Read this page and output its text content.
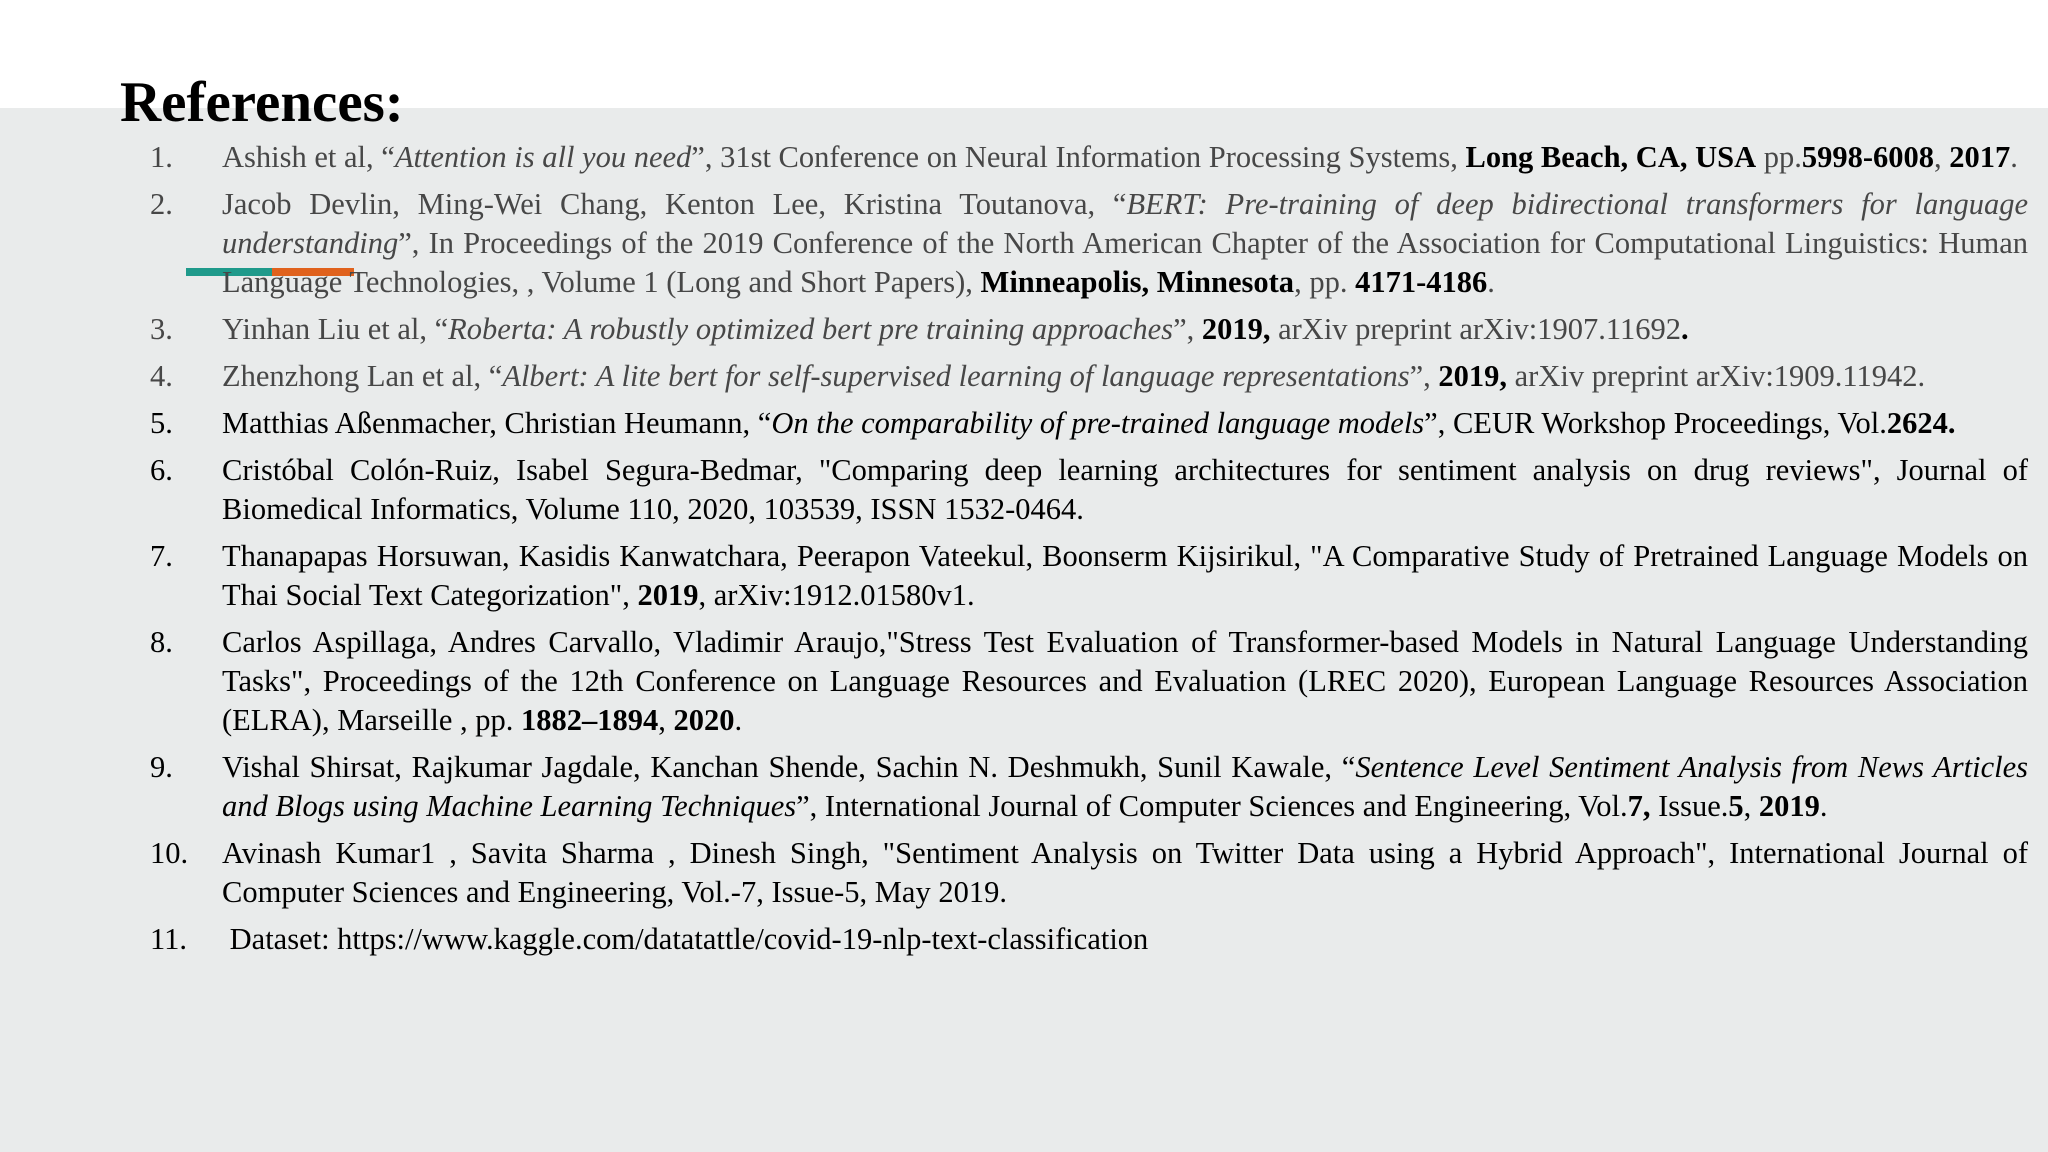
References:
1.	Ashish et al, “Attention is all you need”, 31st Conference on Neural Information Processing Systems, Long Beach, CA, USA pp.5998-6008, 2017.
2.	Jacob Devlin, Ming-Wei Chang, Kenton Lee, Kristina Toutanova, “BERT: Pre-training of deep bidirectional transformers for language understanding”, In Proceedings of the 2019 Conference of the North American Chapter of the Association for Computational Linguistics: Human Language Technologies, , Volume 1 (Long and Short Papers), Minneapolis, Minnesota, pp. 4171-4186.
3.	Yinhan Liu et al, “Roberta: A robustly optimized bert pre training approaches”, 2019, arXiv preprint arXiv:1907.11692.
4.	Zhenzhong Lan et al, “Albert: A lite bert for self-supervised learning of language representations”, 2019, arXiv preprint arXiv:1909.11942.
5.	Matthias Aßenmacher, Christian Heumann, “On the comparability of pre-trained language models”, CEUR Workshop Proceedings, Vol.2624.
6.	Cristóbal Colón-Ruiz, Isabel Segura-Bedmar, "Comparing deep learning architectures for sentiment analysis on drug reviews", Journal of Biomedical Informatics, Volume 110, 2020, 103539, ISSN 1532-0464.
7.	Thanapapas Horsuwan, Kasidis Kanwatchara, Peerapon Vateekul, Boonserm Kijsirikul, "A Comparative Study of Pretrained Language Models on Thai Social Text Categorization", 2019, arXiv:1912.01580v1.
8.	Carlos Aspillaga, Andres Carvallo, Vladimir Araujo,"Stress Test Evaluation of Transformer-based Models in Natural Language Understanding Tasks", Proceedings of the 12th Conference on Language Resources and Evaluation (LREC 2020), European Language Resources Association (ELRA), Marseille , pp. 1882–1894, 2020.
9.	Vishal Shirsat, Rajkumar Jagdale, Kanchan Shende, Sachin N. Deshmukh, Sunil Kawale, “Sentence Level Sentiment Analysis from News Articles and Blogs using Machine Learning Techniques”, International Journal of Computer Sciences and Engineering, Vol.7, Issue.5, 2019.
10.	Avinash Kumar1 , Savita Sharma , Dinesh Singh, "Sentiment Analysis on Twitter Data using a Hybrid Approach", International Journal of Computer Sciences and Engineering, Vol.-7, Issue-5, May 2019.
11.	Dataset: https://www.kaggle.com/datatattle/covid-19-nlp-text-classification
